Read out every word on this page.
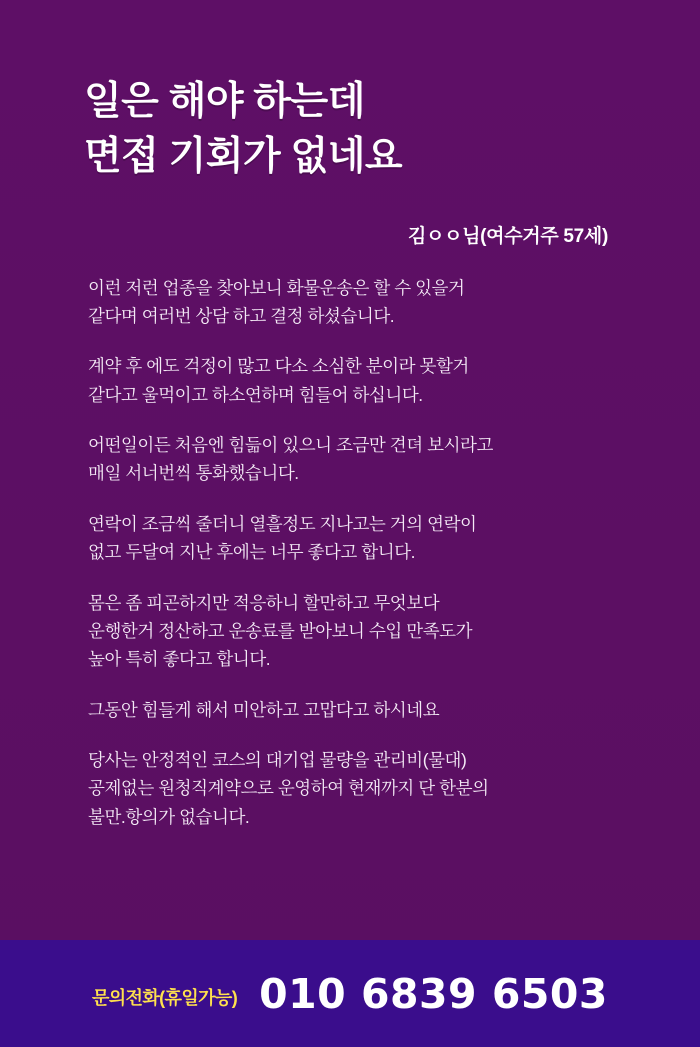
일은 해야 하는데
면접 기회가 없네요
김ㅇㅇ님(여수거주 57세)

이런 저런 업종을 찾아보니 화물운송은 할 수 있을거
같다며 여러번 상담 하고 결정 하셨습니다.

계약 후 에도 걱정이 많고 다소 소심한 분이라 못할거
같다고 울먹이고 하소연하며 힘들어 하십니다.

어떤일이든 처음엔 힘듦이 있으니 조금만 견뎌 보시라고
매일 서너번씩 통화했습니다.

연락이 조금씩 줄더니 열흘정도 지나고는 거의 연락이
없고 두달여 지난 후에는 너무 좋다고 합니다.

몸은 좀 피곤하지만 적응하니 할만하고 무엇보다
운행한거 정산하고 운송료를 받아보니 수입 만족도가
높아 특히 좋다고 합니다.

그동안 힘들게 해서 미안하고 고맙다고 하시네요

당사는 안정적인 코스의 대기업 물량을 관리비(물대)
공제없는 원청직계약으로 운영하여 현재까지 단 한분의
불만.항의가 없습니다.

문의전화(휴일가능) 010 6839 6503
